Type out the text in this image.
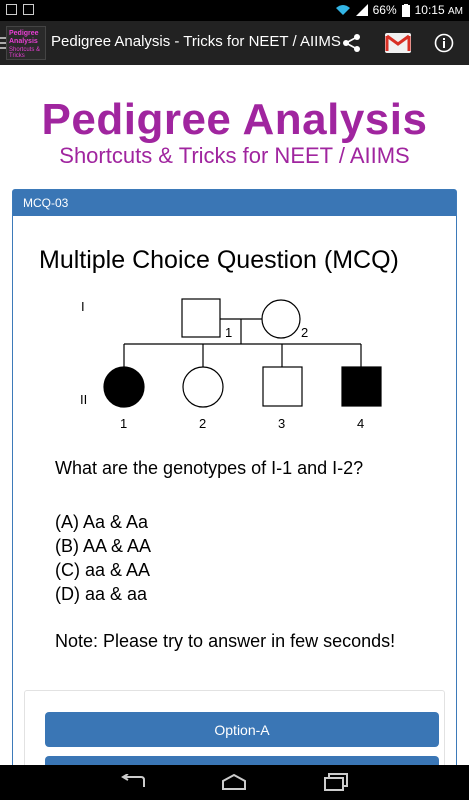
66% 10:15 AM
Pedigree Analysis
Shortcuts & Tricks
Pedigree Analysis - Tricks for NEET / AIIMS
Pedigree Analysis
Shortcuts & Tricks for NEET / AIIMS
MCQ-03
Multiple Choice Question (MCQ)
I
II
1	2
1	2	3	4
What are the genotypes of I-1 and I-2?
(A) Aa & Aa
(B) AA & AA
(C) aa & AA
(D) aa & aa
Note: Please try to answer in few seconds!
Option-A
